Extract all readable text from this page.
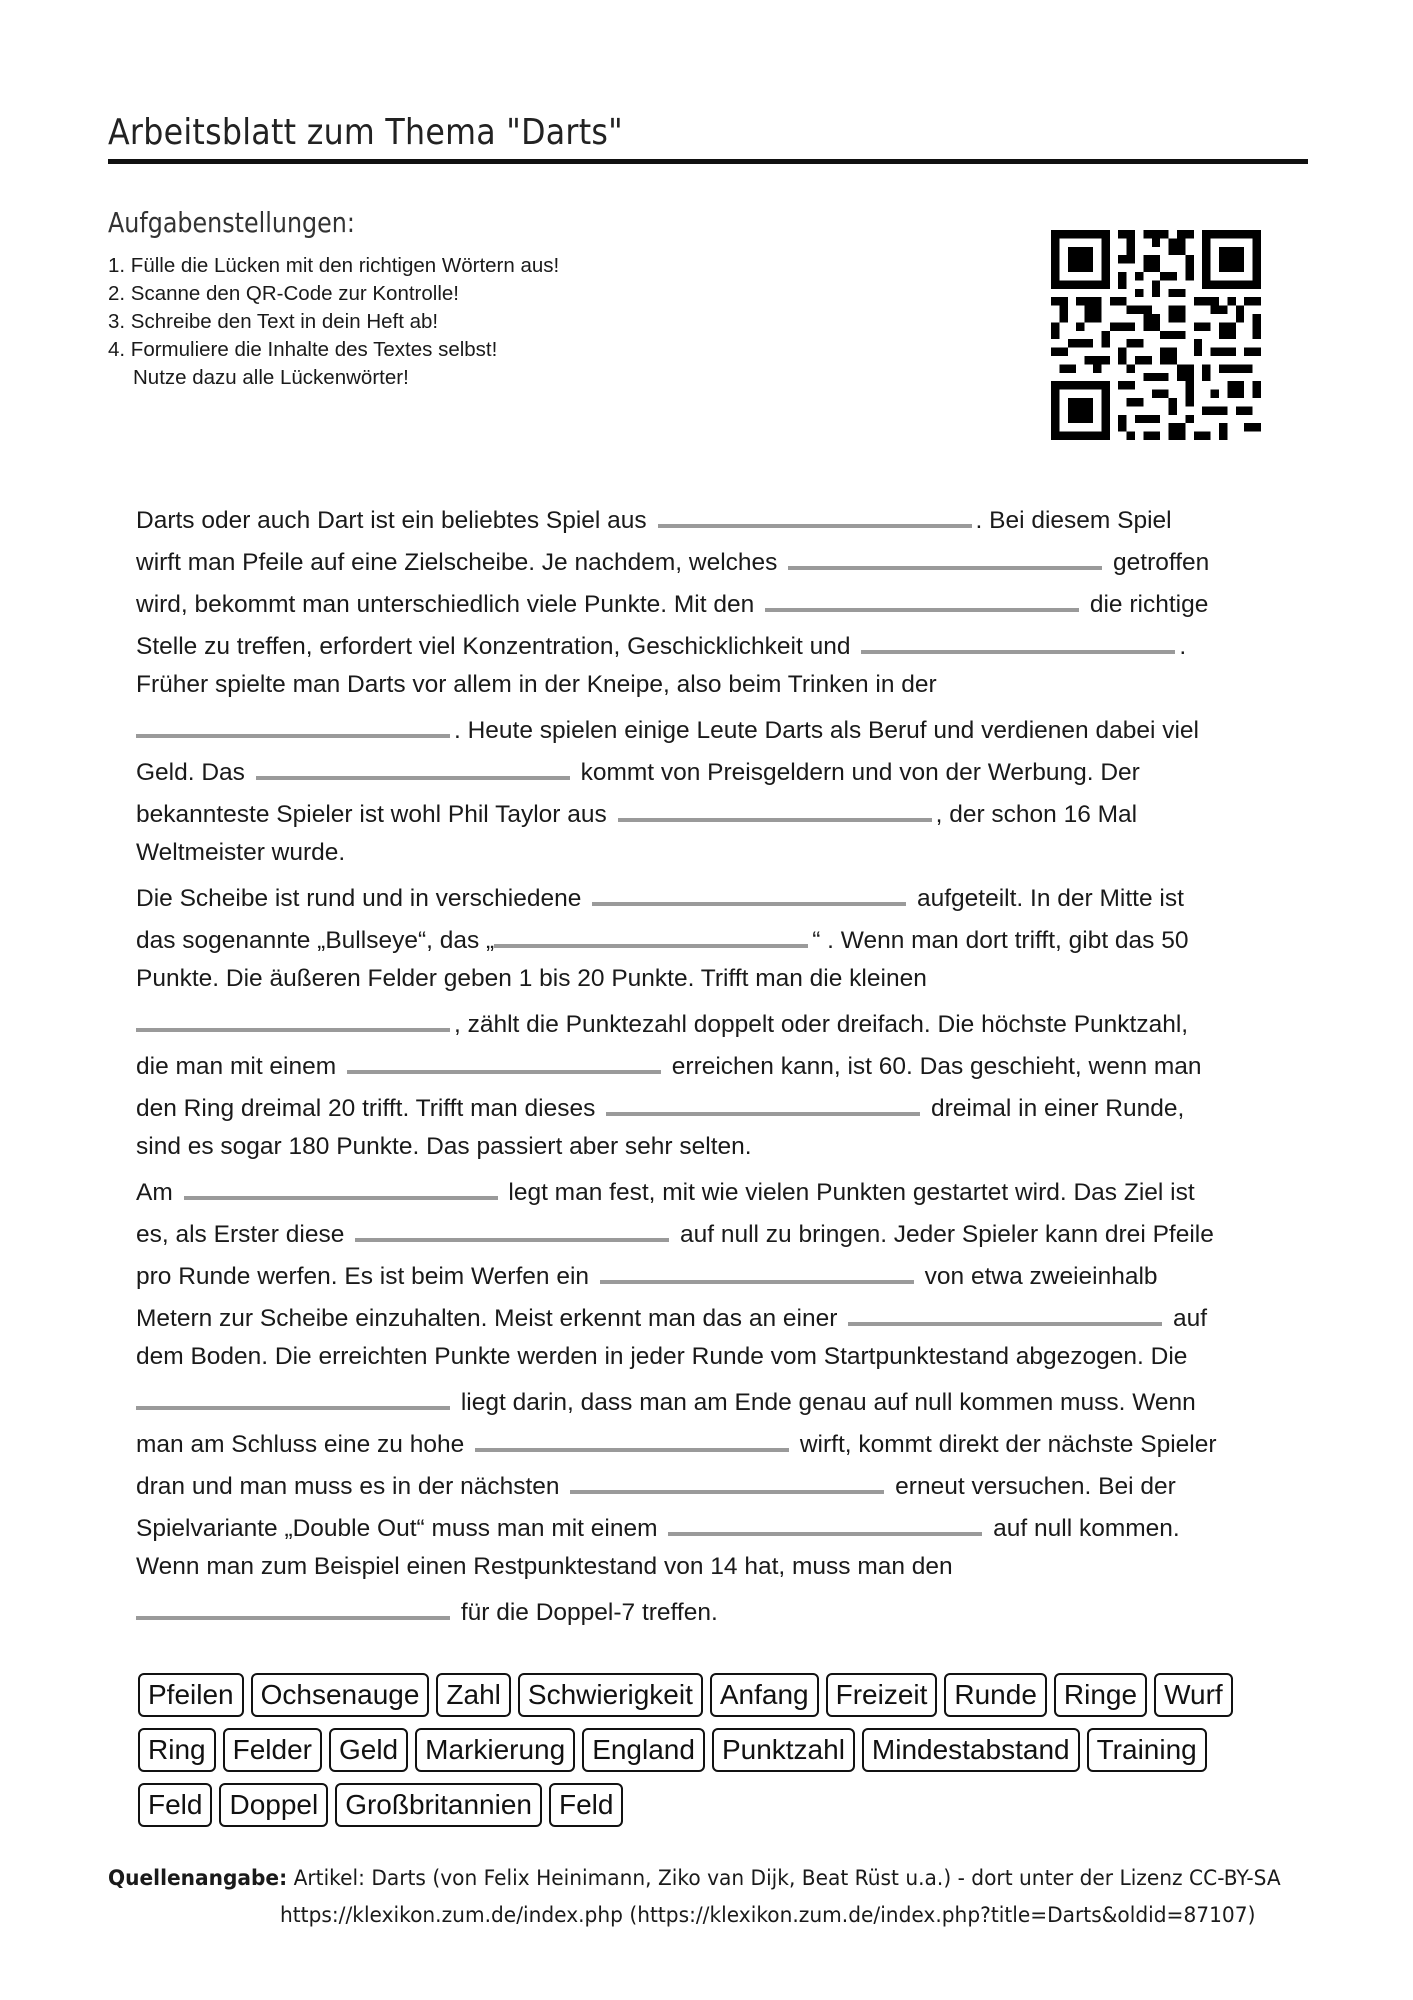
Arbeitsblatt zum Thema "Darts"
Aufgabenstellungen:
1. Fülle die Lücken mit den richtigen Wörtern aus!
2. Scanne den QR-Code zur Kontrolle!
3. Schreibe den Text in dein Heft ab!
4. Formuliere die Inhalte des Textes selbst!
Nutze dazu alle Lückenwörter!
Darts oder auch Dart ist ein beliebtes Spiel aus	. Bei diesem Spiel
wirft man Pfeile auf eine Zielscheibe. Je nachdem, welches	getroffen
wird, bekommt man unterschiedlich viele Punkte. Mit den	die richtige
Stelle zu treffen, erfordert viel Konzentration, Geschicklichkeit und	.
Früher spielte man Darts vor allem in der Kneipe, also beim Trinken in der
. Heute spielen einige Leute Darts als Beruf und verdienen dabei viel
Geld. Das	kommt von Preisgeldern und von der Werbung. Der
bekannteste Spieler ist wohl Phil Taylor aus	, der schon 16 Mal
Weltmeister wurde.
Die Scheibe ist rund und in verschiedene	aufgeteilt. In der Mitte ist
das sogenannte „Bullseye“, das „	“ . Wenn man dort trifft, gibt das 50
Punkte. Die äußeren Felder geben 1 bis 20 Punkte. Trifft man die kleinen
, zählt die Punktezahl doppelt oder dreifach. Die höchste Punktzahl,
die man mit einem	erreichen kann, ist 60. Das geschieht, wenn man
den Ring dreimal 20 trifft. Trifft man dieses	dreimal in einer Runde,
sind es sogar 180 Punkte. Das passiert aber sehr selten.
Am	legt man fest, mit wie vielen Punkten gestartet wird. Das Ziel ist
es, als Erster diese	auf null zu bringen. Jeder Spieler kann drei Pfeile
pro Runde werfen. Es ist beim Werfen ein	von etwa zweieinhalb
Metern zur Scheibe einzuhalten. Meist erkennt man das an einer	auf
dem Boden. Die erreichten Punkte werden in jeder Runde vom Startpunktestand abgezogen. Die
liegt darin, dass man am Ende genau auf null kommen muss. Wenn
man am Schluss eine zu hohe	wirft, kommt direkt der nächste Spieler
dran und man muss es in der nächsten	erneut versuchen. Bei der
Spielvariante „Double Out“ muss man mit einem	auf null kommen.
Wenn man zum Beispiel einen Restpunktestand von 14 hat, muss man den
für die Doppel-7 treffen.
Pfeilen Ochsenauge Zahl Schwierigkeit Anfang Freizeit Runde Ringe Wurf
Ring Felder Geld Markierung England Punktzahl Mindestabstand Training
Feld Doppel Großbritannien Feld
Quellenangabe: Artikel: Darts (von Felix Heinimann, Ziko van Dijk, Beat Rüst u.a.) - dort unter der Lizenz CC-BY-SA
https://klexikon.zum.de/index.php (https://klexikon.zum.de/index.php?title=Darts&oldid=87107)
